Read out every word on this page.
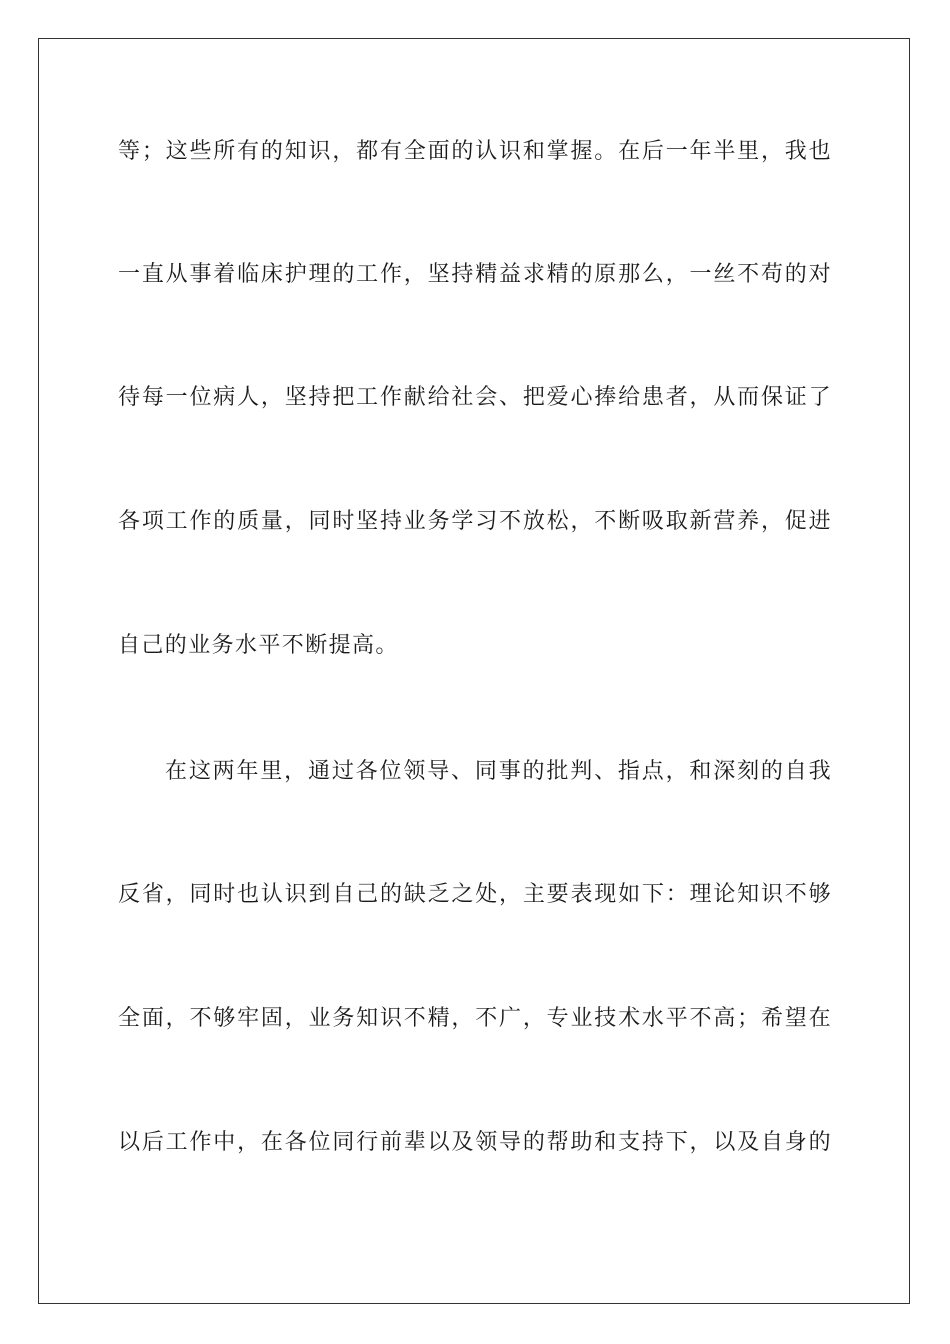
等；这些所有的知识，都有全面的认识和掌握。在后一年半里，我也
一直从事着临床护理的工作，坚持精益求精的原那么，一丝不苟的对
待每一位病人，坚持把工作献给社会、把爱心捧给患者，从而保证了
各项工作的质量，同时坚持业务学习不放松，不断吸取新营养，促进
自己的业务水平不断提高。
在这两年里，通过各位领导、同事的批判、指点，和深刻的自我
反省，同时也认识到自己的缺乏之处，主要表现如下：理论知识不够
全面，不够牢固，业务知识不精，不广，专业技术水平不高；希望在
以后工作中，在各位同行前辈以及领导的帮助和支持下，以及自身的
